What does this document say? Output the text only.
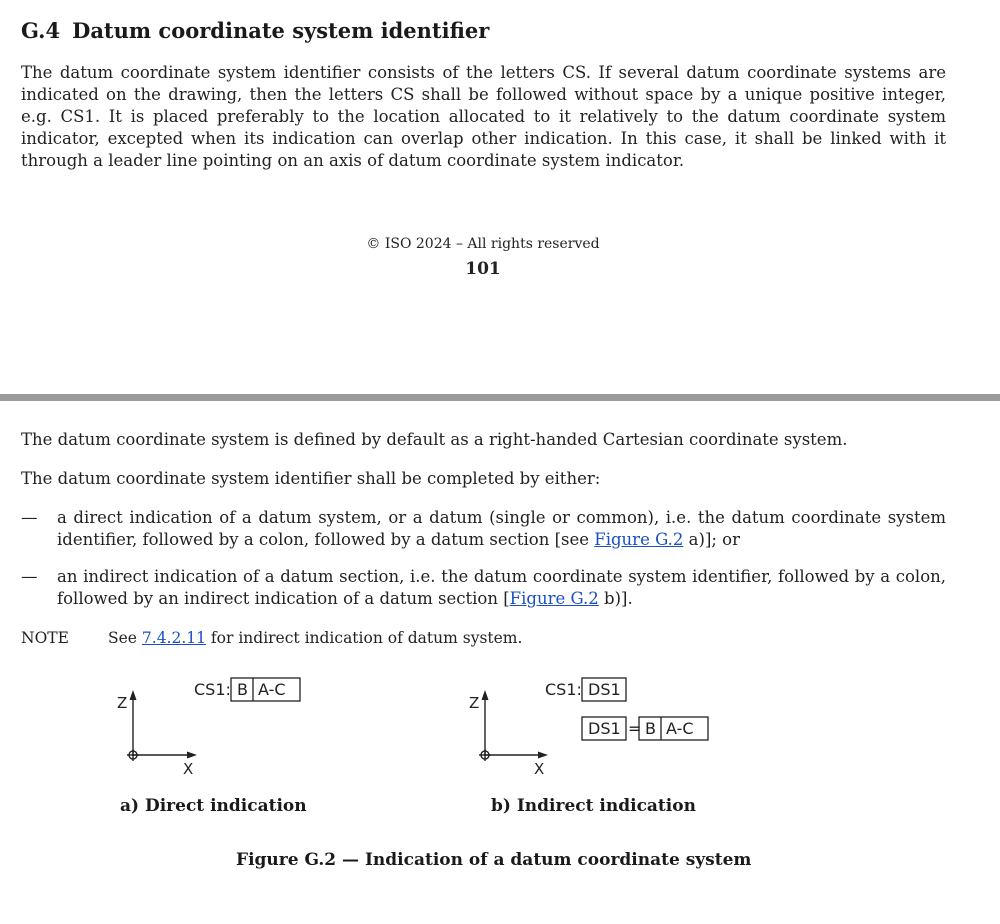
G.4 Datum coordinate system identifier

The datum coordinate system identifier consists of the letters CS. If several datum coordinate systems are indicated on the drawing, then the letters CS shall be followed without space by a unique positive integer, e.g. CS1. It is placed preferably to the location allocated to it relatively to the datum coordinate system indicator, excepted when its indication can overlap other indication. In this case, it shall be linked with it through a leader line pointing on an axis of datum coordinate system indicator.

© ISO 2024 – All rights reserved
101

The datum coordinate system is defined by default as a right-handed Cartesian coordinate system.

The datum coordinate system identifier shall be completed by either:

— a direct indication of a datum system, or a datum (single or common), i.e. the datum coordinate system identifier, followed by a colon, followed by a datum section [see Figure G.2 a)]; or
— an indirect indication of a datum section, i.e. the datum coordinate system identifier, followed by a colon, followed by an indirect indication of a datum section [Figure G.2 b)].
NOTE	See 7.4.2.11 for indirect indication of datum system.
Z
X
CS1: B A-C
Z
X
CS1: DS1
DS1 = B A-C
a) Direct indication	b) Indirect indication
Figure G.2 — Indication of a datum coordinate system
